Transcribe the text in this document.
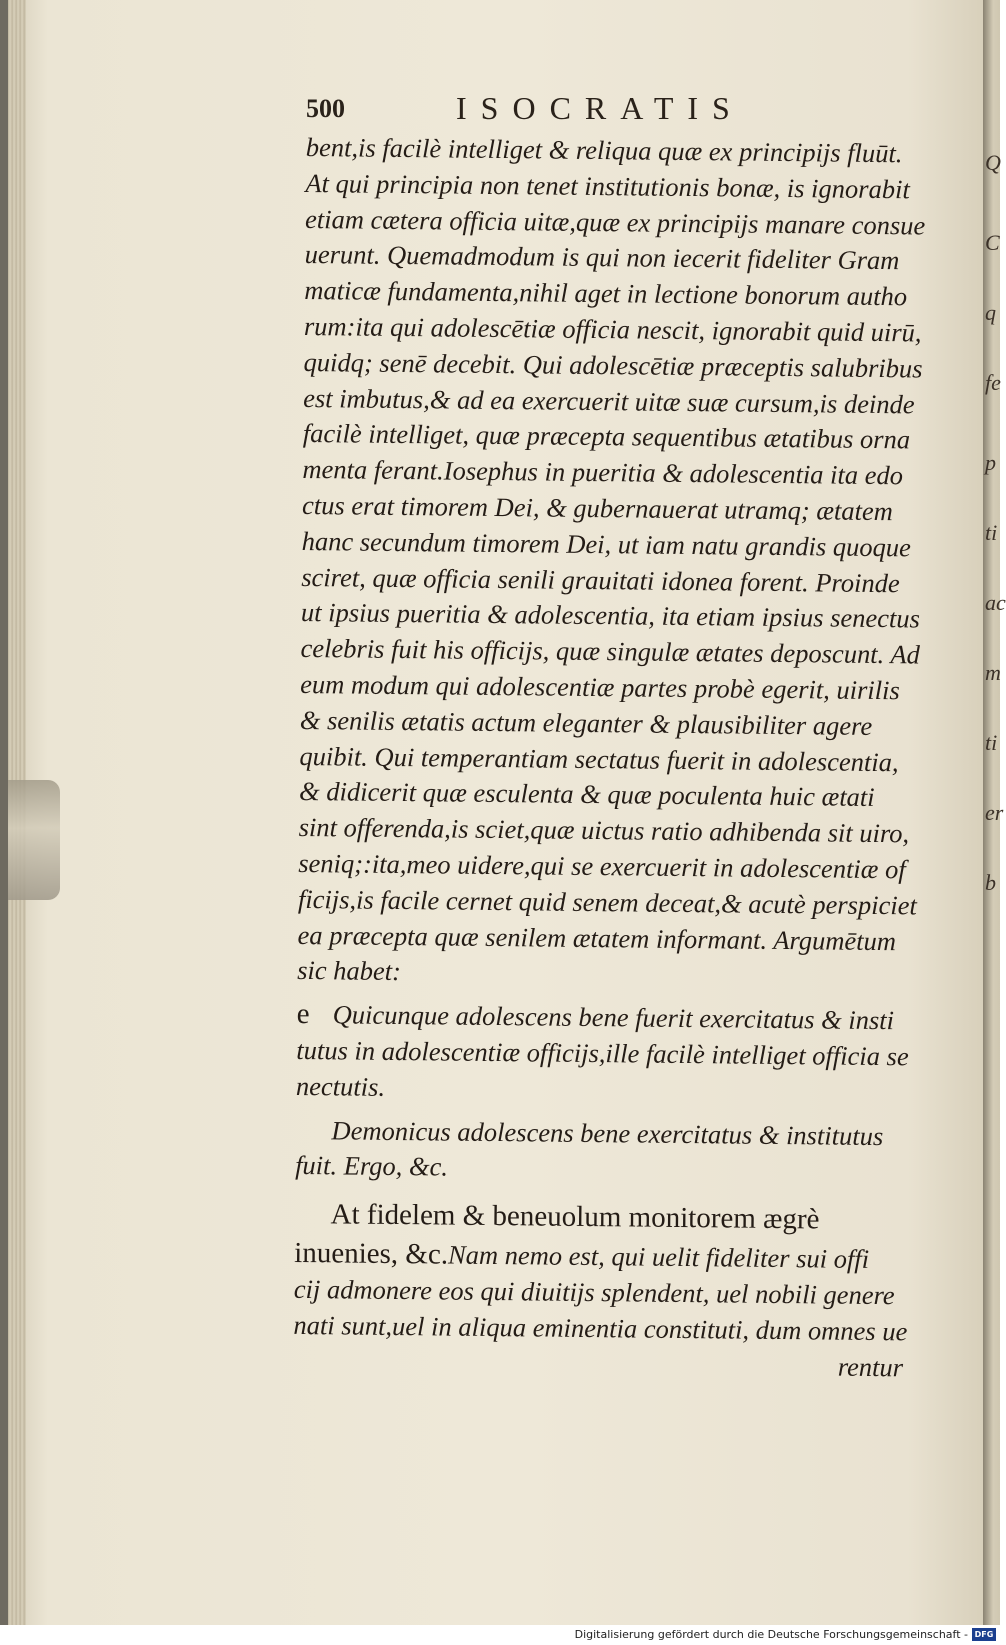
500	ISOCRATIS
bent,is facilè intelliget & reliqua quæ ex principijs fluūt.
At qui principia non tenet institutionis bonæ, is ignorabit
etiam cætera officia uitæ,quæ ex principijs manare consue
uerunt. Quemadmodum is qui non iecerit fideliter Gram
maticæ fundamenta,nihil aget in lectione bonorum autho
rum:ita qui adolescētiæ officia nescit, ignorabit quid uirū,
quidq; senē decebit. Qui adolescētiæ præceptis salubribus
est imbutus,& ad ea exercuerit uitæ suæ cursum,is deinde
facilè intelliget, quæ præcepta sequentibus ætatibus orna
menta ferant.Iosephus in pueritia & adolescentia ita edo
ctus erat timorem Dei, & gubernauerat utramq; ætatem
hanc secundum timorem Dei, ut iam natu grandis quoque
sciret, quæ officia senili grauitati idonea forent. Proinde
ut ipsius pueritia & adolescentia, ita etiam ipsius senectus
celebris fuit his officijs, quæ singulæ ætates deposcunt. Ad
eum modum qui adolescentiæ partes probè egerit, uirilis
& senilis ætatis actum eleganter & plausibiliter agere
quibit. Qui temperantiam sectatus fuerit in adolescentia,
& didicerit quæ esculenta & quæ poculenta huic ætati
sint offerenda,is sciet,quæ uictus ratio adhibenda sit uiro,
seniq;:ita,meo uidere,qui se exercuerit in adolescentiæ of
ficijs,is facile cernet quid senem deceat,& acutè perspiciet
ea præcepta quæ senilem ætatem informant. Argumētum
sic habet:
e Quicunque adolescens bene fuerit exercitatus & insti
tutus in adolescentiæ officijs,ille facilè intelliget officia se
nectutis.
Demonicus adolescens bene exercitatus & institutus
fuit. Ergo, &c.
At fidelem & beneuolum monitorem ægrè
inuenies, &c.Nam nemo est, qui uelit fideliter sui offi
cij admonere eos qui diuitijs splendent, uel nobili genere
nati sunt,uel in aliqua eminentia constituti, dum omnes ue
rentur
Q
C
q
fe
p
ti
ac
m
ti
er
b
Digitalisierung gefördert durch die Deutsche Forschungsgemeinschaft - DFG
